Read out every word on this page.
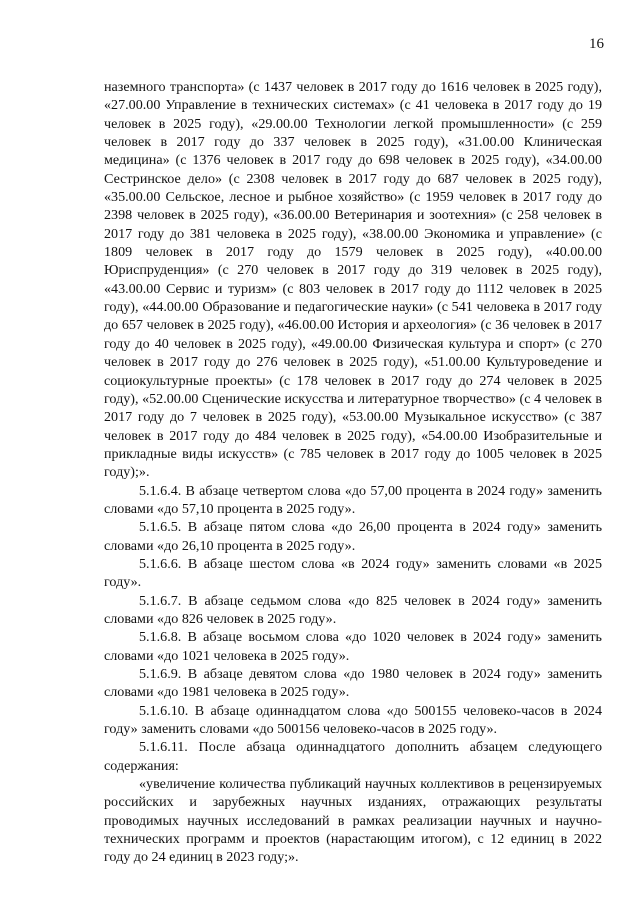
16

наземного транспорта» (с 1437 человек в 2017 году до 1616 человек в 2025 году), «27.00.00 Управление в технических системах» (с 41 человека в 2017 году до 19 человек в 2025 году), «29.00.00 Технологии легкой промышленности» (с 259 человек в 2017 году до 337 человек в 2025 году), «31.00.00 Клиническая медицина» (с 1376 человек в 2017 году до 698 человек в 2025 году), «34.00.00 Сестринское дело» (с 2308 человек в 2017 году до 687 человек в 2025 году), «35.00.00 Сельское, лесное и рыбное хозяйство» (с 1959 человек в 2017 году до 2398 человек в 2025 году), «36.00.00 Ветеринария и зоотехния» (с 258 человек в 2017 году до 381 человека в 2025 году), «38.00.00 Экономика и управление» (с 1809 человек в 2017 году до 1579 человек в 2025 году), «40.00.00 Юриспруденция» (с 270 человек в 2017 году до 319 человек в 2025 году), «43.00.00 Сервис и туризм» (с 803 человек в 2017 году до 1112 человек в 2025 году), «44.00.00 Образование и педагогические науки» (с 541 человека в 2017 году до 657 человек в 2025 году), «46.00.00 История и археология» (с 36 человек в 2017 году до 40 человек в 2025 году), «49.00.00 Физическая культура и спорт» (с 270 человек в 2017 году до 276 человек в 2025 году), «51.00.00 Культуроведение и социокультурные проекты» (с 178 человек в 2017 году до 274 человек в 2025 году), «52.00.00 Сценические искусства и литературное творчество» (с 4 человек в 2017 году до 7 человек в 2025 году), «53.00.00 Музыкальное искусство» (с 387 человек в 2017 году до 484 человек в 2025 году), «54.00.00 Изобразительные и прикладные виды искусств» (с 785 человек в 2017 году до 1005 человек в 2025 году);».

5.1.6.4. В абзаце четвертом слова «до 57,00 процента в 2024 году» заменить словами «до 57,10 процента в 2025 году».

5.1.6.5. В абзаце пятом слова «до 26,00 процента в 2024 году» заменить словами «до 26,10 процента в 2025 году».

5.1.6.6. В абзаце шестом слова «в 2024 году» заменить словами «в 2025 году».

5.1.6.7. В абзаце седьмом слова «до 825 человек в 2024 году» заменить словами «до 826 человек в 2025 году».

5.1.6.8. В абзаце восьмом слова «до 1020 человек в 2024 году» заменить словами «до 1021 человека в 2025 году».

5.1.6.9. В абзаце девятом слова «до 1980 человек в 2024 году» заменить словами «до 1981 человека в 2025 году».

5.1.6.10. В абзаце одиннадцатом слова «до 500155 человеко-часов в 2024 году» заменить словами «до 500156 человеко-часов в 2025 году».

5.1.6.11. После абзаца одиннадцатого дополнить абзацем следующего содержания:

«увеличение количества публикаций научных коллективов в рецензируемых российских и зарубежных научных изданиях, отражающих результаты проводимых научных исследований в рамках реализации научных и научно-технических программ и проектов (нарастающим итогом), с 12 единиц в 2022 году до 24 единиц в 2023 году;».
